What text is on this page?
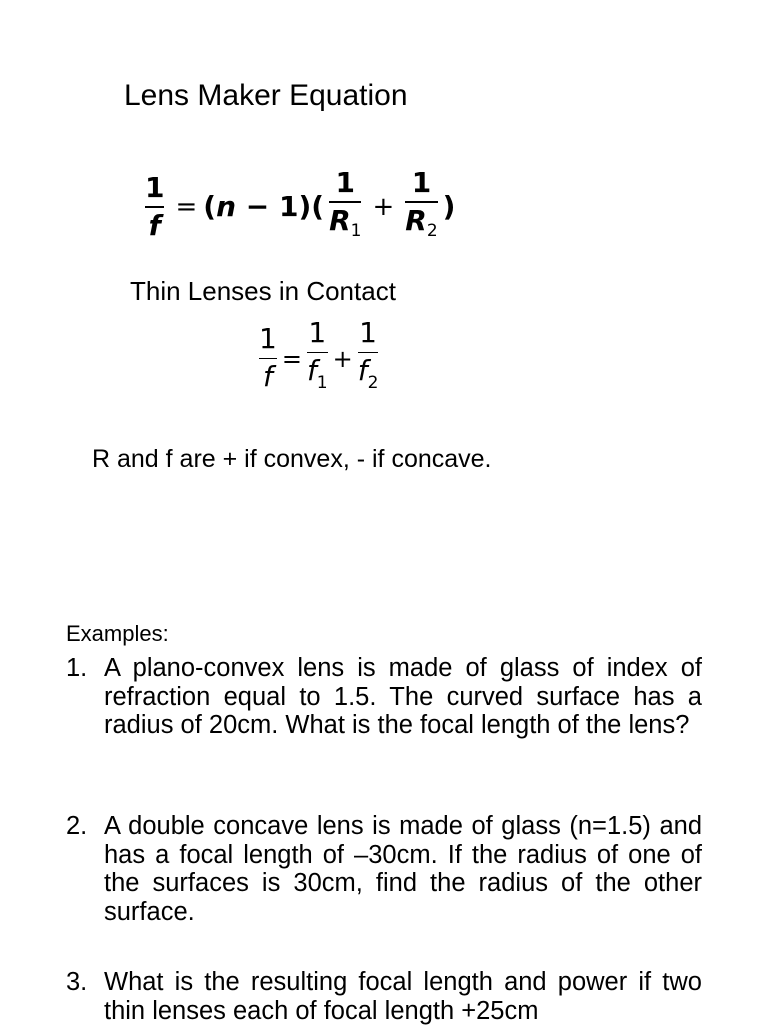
Lens Maker Equation
$\frac{1}{f} = (n - 1)( \frac{1}{R_1} + \frac{1}{R_2}$ )
Thin Lenses in Contact
$\frac{1}{f} = \frac{1}{f_1} + \frac{1}{f_2}$
R and f are + if convex, - if concave.
Examples:
1. A plano-convex lens is made of glass of index of refraction equal to 1.5. The curved surface has a radius of 20cm. What is the focal length of the lens?
2. A double concave lens is made of glass (n=1.5) and has a focal length of –30cm. If the radius of one of the surfaces is 30cm, find the radius of the other surface.
3. What is the resulting focal length and power if two thin lenses each of focal length +25cm
